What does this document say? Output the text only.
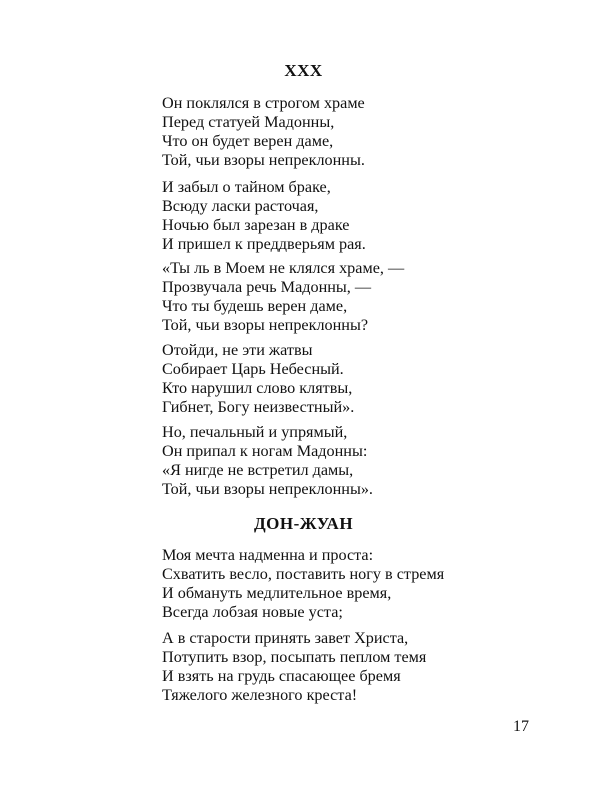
XXX

Он поклялся в строгом храме
Перед статуей Мадонны,
Что он будет верен даме,
Той, чьи взоры непреклонны.

И забыл о тайном браке,
Всюду ласки расточая,
Ночью был зарезан в драке
И пришел к преддверьям рая.

«Ты ль в Моем не клялся храме, —
Прозвучала речь Мадонны, —
Что ты будешь верен даме,
Той, чьи взоры непреклонны?

Отойди, не эти жатвы
Собирает Царь Небесный.
Кто нарушил слово клятвы,
Гибнет, Богу неизвестный».

Но, печальный и упрямый,
Он припал к ногам Мадонны:
«Я нигде не встретил дамы,
Той, чьи взоры непреклонны».

ДОН-ЖУАН

Моя мечта надменна и проста:
Схватить весло, поставить ногу в стремя
И обмануть медлительное время,
Всегда лобзая новые уста;

А в старости принять завет Христа,
Потупить взор, посыпать пеплом темя
И взять на грудь спасающее бремя
Тяжелого железного креста!

17
